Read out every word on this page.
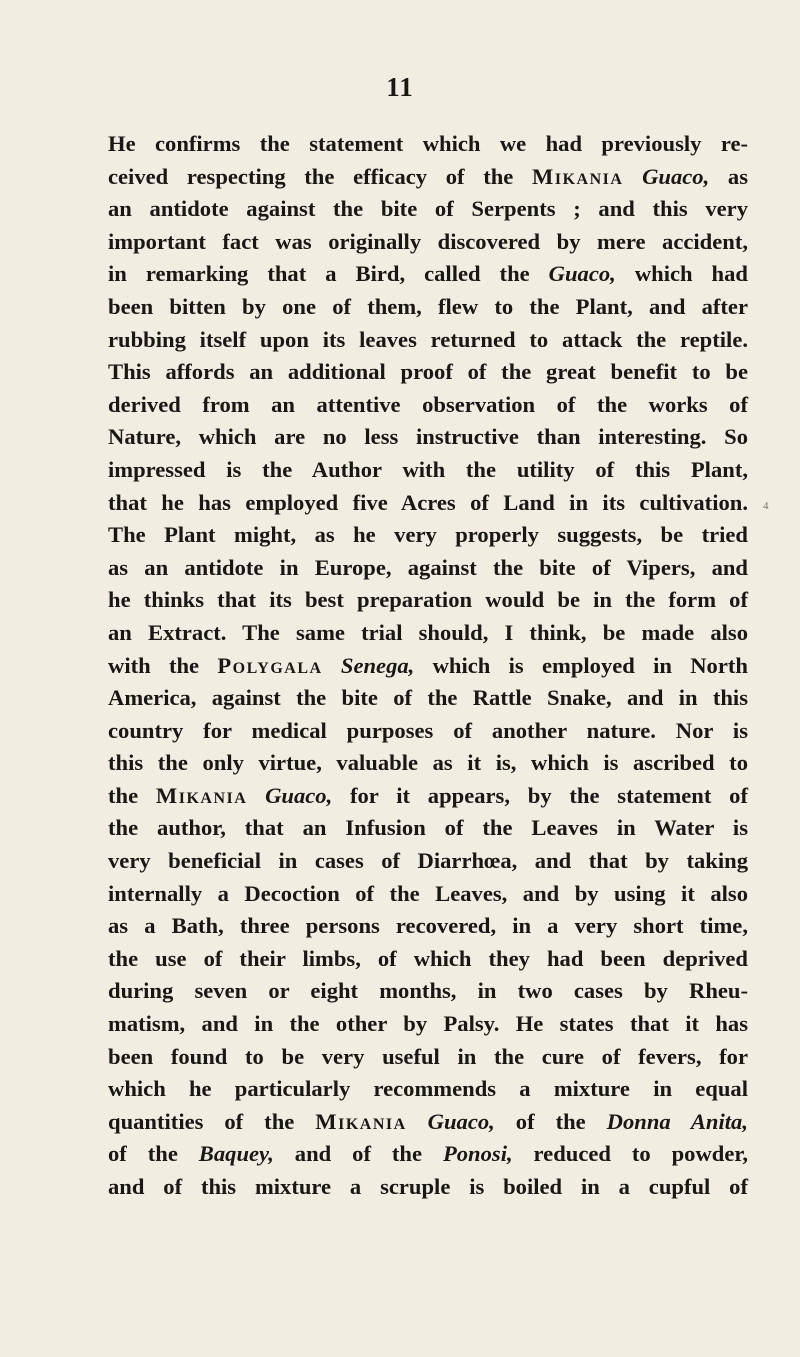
11
4
He confirms the statement which we had previously re-
ceived respecting the efficacy of the Mikania Guaco, as
an antidote against the bite of Serpents ; and this very
important fact was originally discovered by mere accident,
in remarking that a Bird, called the Guaco, which had
been bitten by one of them, flew to the Plant, and after
rubbing itself upon its leaves returned to attack the reptile.
This affords an additional proof of the great benefit to be
derived from an attentive observation of the works of
Nature, which are no less instructive than interesting. So
impressed is the Author with the utility of this Plant,
that he has employed five Acres of Land in its cultivation.
The Plant might, as he very properly suggests, be tried
as an antidote in Europe, against the bite of Vipers, and
he thinks that its best preparation would be in the form of
an Extract. The same trial should, I think, be made also
with the Polygala Senega, which is employed in North
America, against the bite of the Rattle Snake, and in this
country for medical purposes of another nature. Nor is
this the only virtue, valuable as it is, which is ascribed to
the Mikania Guaco, for it appears, by the statement of
the author, that an Infusion of the Leaves in Water is
very beneficial in cases of Diarrhœa, and that by taking
internally a Decoction of the Leaves, and by using it also
as a Bath, three persons recovered, in a very short time,
the use of their limbs, of which they had been deprived
during seven or eight months, in two cases by Rheu-
matism, and in the other by Palsy. He states that it has
been found to be very useful in the cure of fevers, for
which he particularly recommends a mixture in equal
quantities of the Mikania Guaco, of the Donna Anita,
of the Baquey, and of the Ponosi, reduced to powder,
and of this mixture a scruple is boiled in a cupful of
